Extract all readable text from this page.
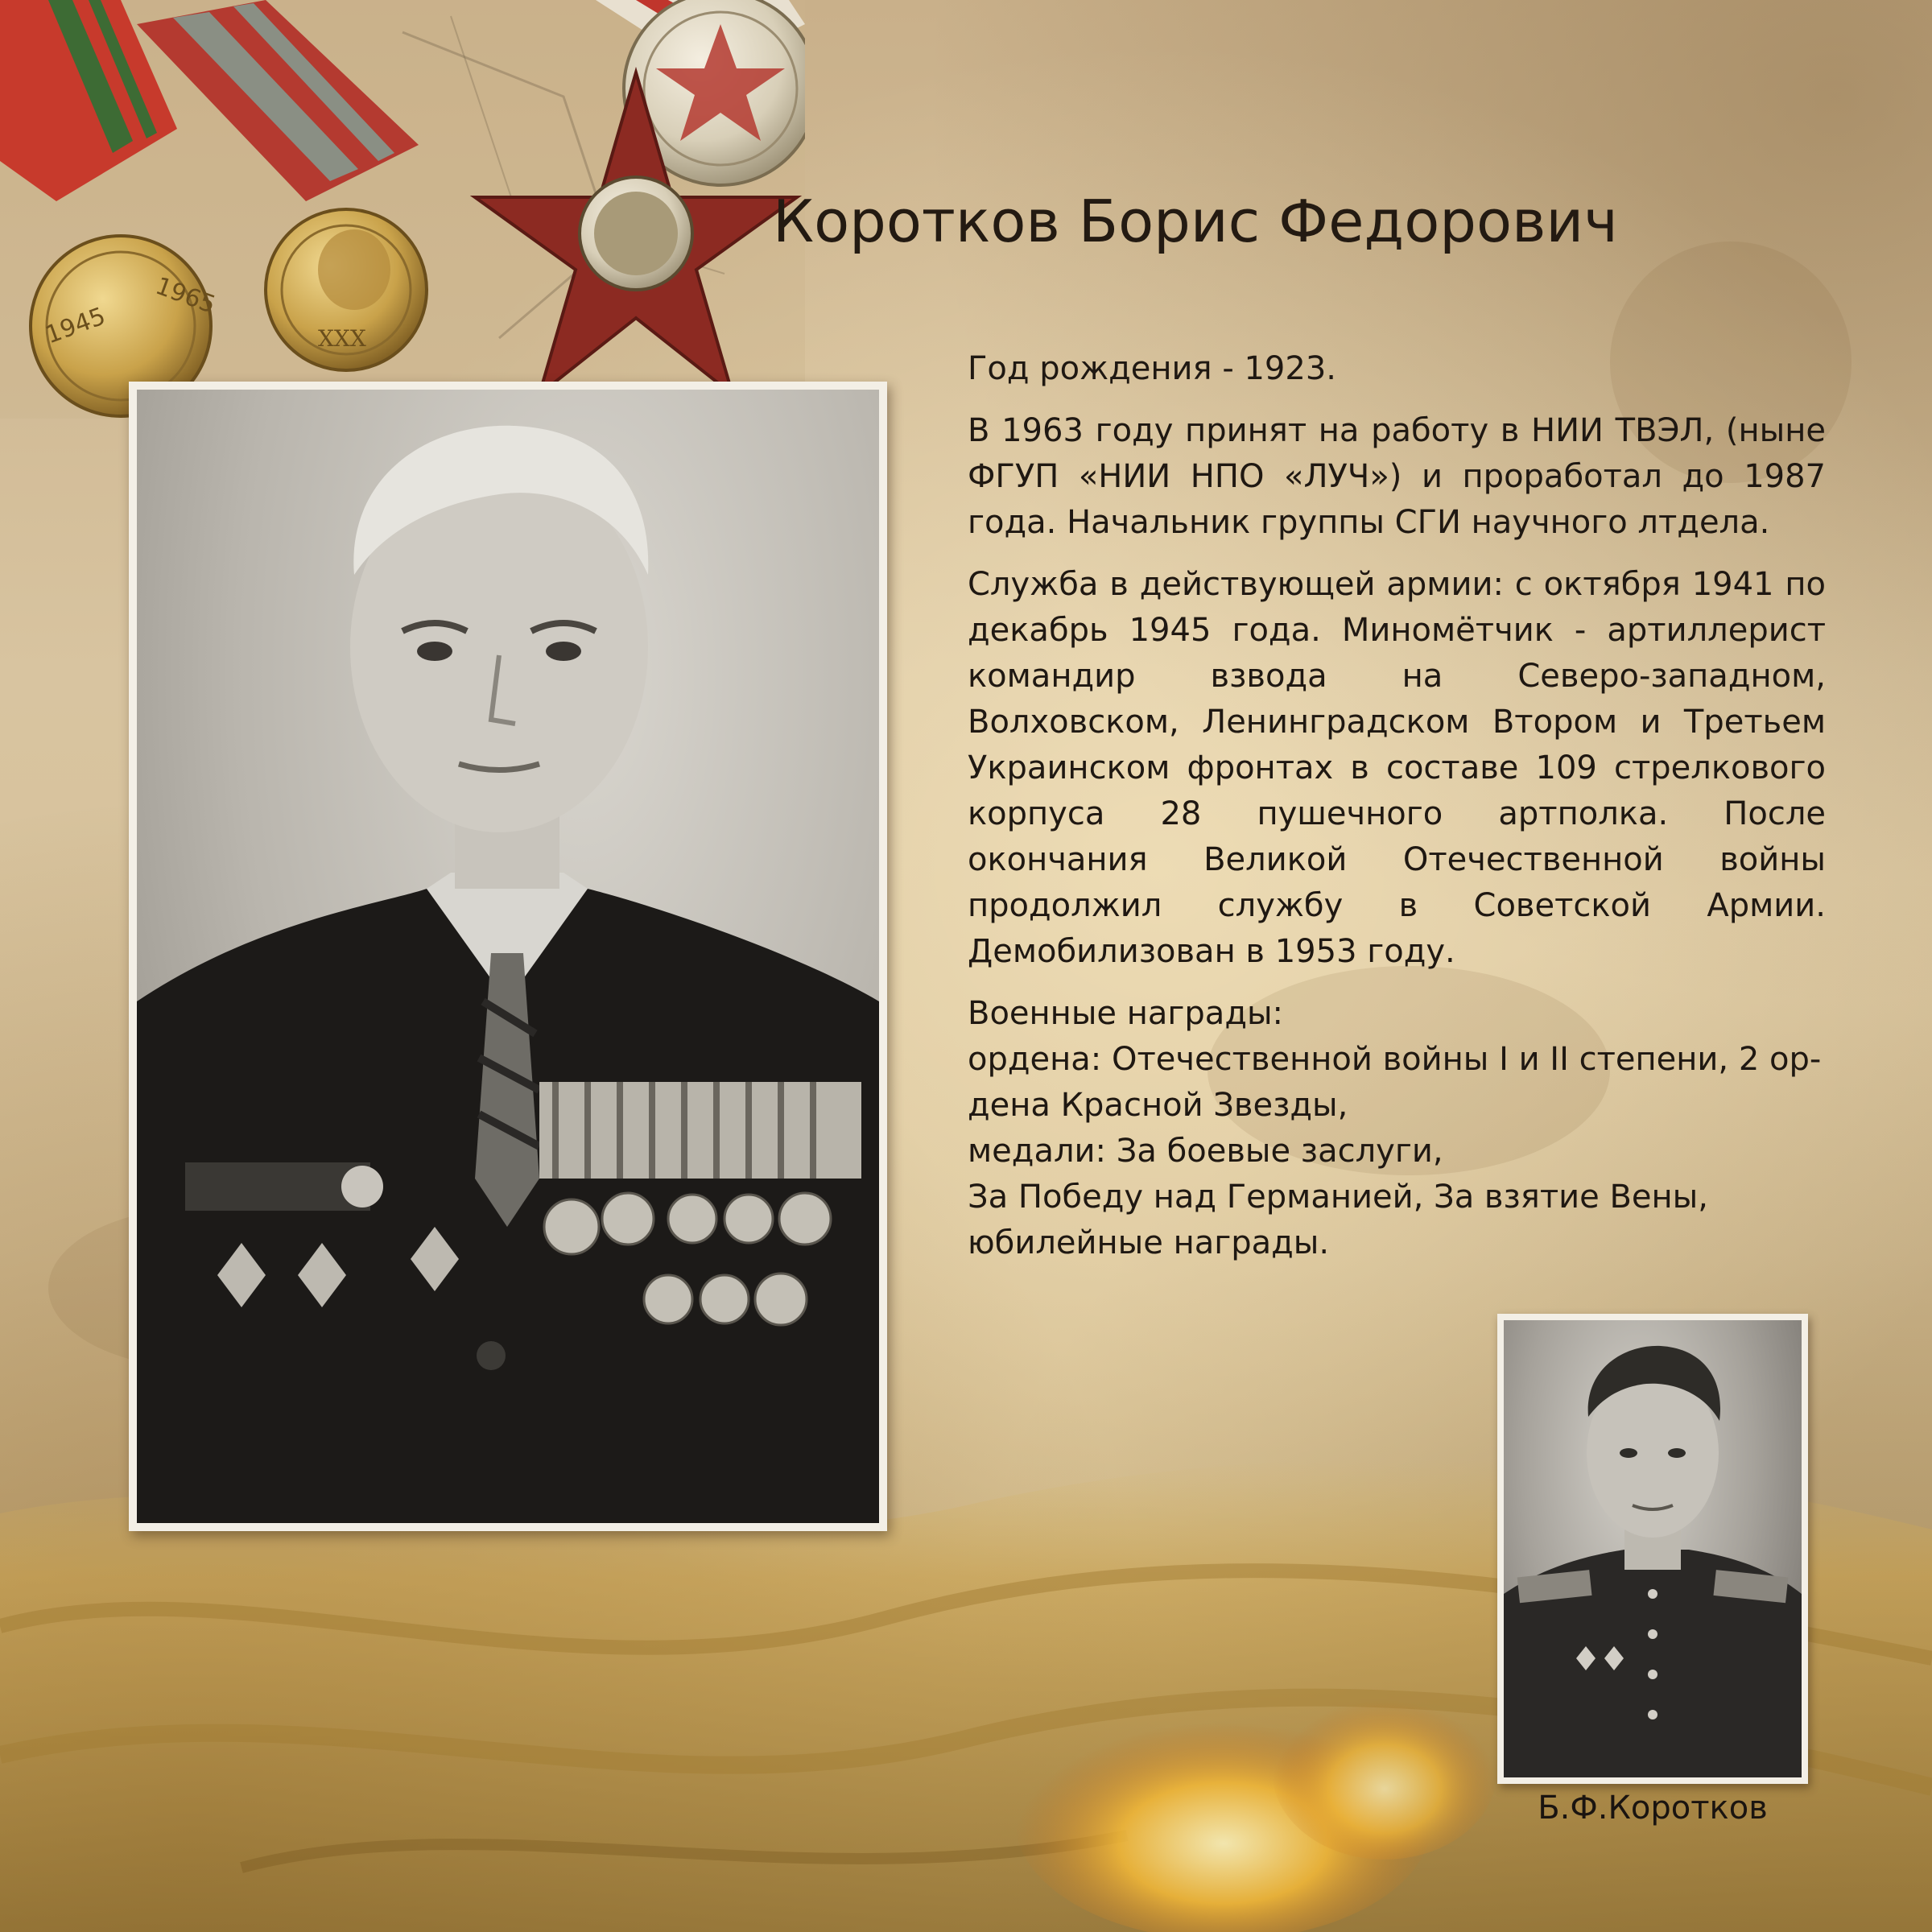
1945
1965
XXX
Коротков Борис Федорович

Год рождения - 1923.

В 1963 году принят на работу в НИИ ТВЭЛ, (ныне ФГУП «НИИ НПО «ЛУЧ») и проработал до 1987 года. Начальник группы СГИ научного лтдела.

Служба в действующей армии: с октября 1941 по декабрь 1945 года. Миномётчик - артиллерист командир взвода на Северо-западном, Волховском, Ленинградском Втором и Третьем Украинском фронтах в составе 109 стрелкового корпуса 28 пушечного артполка. После окончания Великой Отечественной войны продолжил службу в Советской Армии. Демобилизован в 1953 году.

Военные награды:
ордена: Отечественной войны I и II степени, 2 ор-
дена Красной Звезды,
медали: За боевые заслуги,
За Победу над Германией, За взятие Вены,
юбилейные награды.
Б.Ф.Коротков
